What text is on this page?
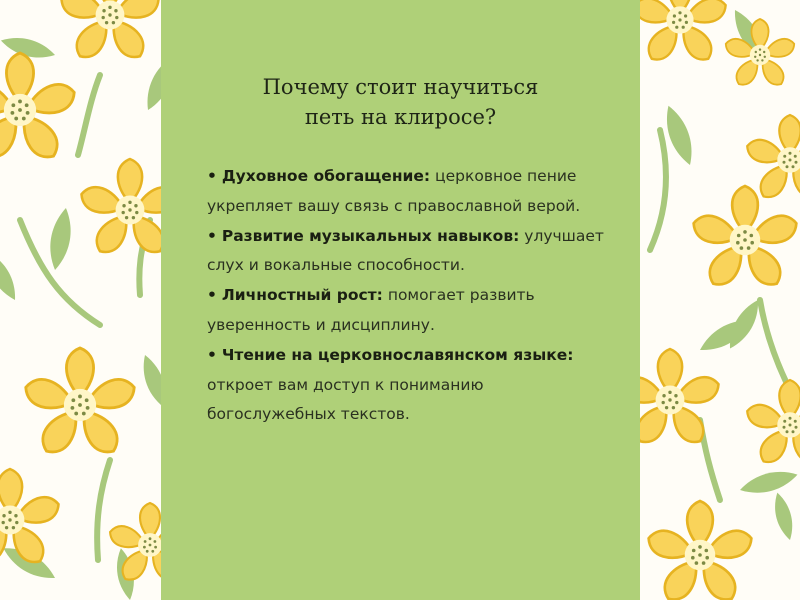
Почему стоит научиться
петь на клиросе?
• Духовное обогащение: церковное пение укрепляет вашу связь с православной верой.
• Развитие музыкальных навыков: улучшает слух и вокальные способности.
• Личностный рост: помогает развить уверенность и дисциплину.
• Чтение на церковнославянском языке: откроет вам доступ к пониманию богослужебных текстов.
